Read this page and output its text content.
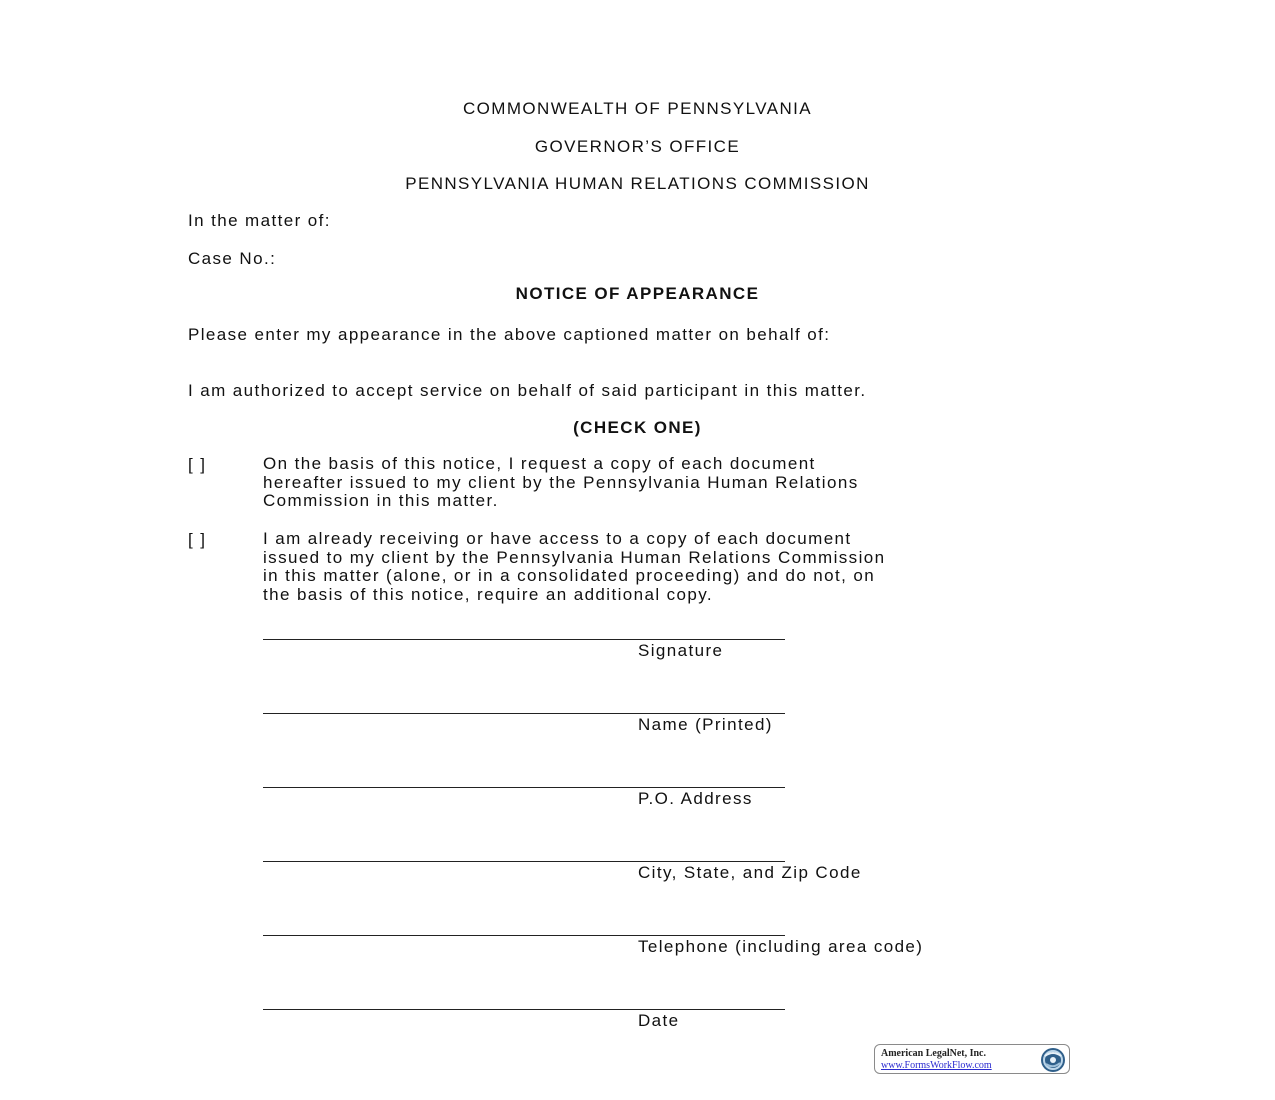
COMMONWEALTH OF PENNSYLVANIA
GOVERNOR’S OFFICE
PENNSYLVANIA HUMAN RELATIONS COMMISSION
In the matter of:
Case No.:
NOTICE OF APPEARANCE
Please enter my appearance in the above captioned matter on behalf of:
I am authorized to accept service on behalf of said participant in this matter.
(CHECK ONE)
[ ]	On the basis of this notice, I request a copy of each document
hereafter issued to my client by the Pennsylvania Human Relations
Commission in this matter.
[ ]	I am already receiving or have access to a copy of each document
issued to my client by the Pennsylvania Human Relations Commission
in this matter (alone, or in a consolidated proceeding) and do not, on
the basis of this notice, require an additional copy.
Signature
Name (Printed)
P.O. Address
City, State, and Zip Code
Telephone (including area code)
Date
American LegalNet, Inc.
www.FormsWorkFlow.com
